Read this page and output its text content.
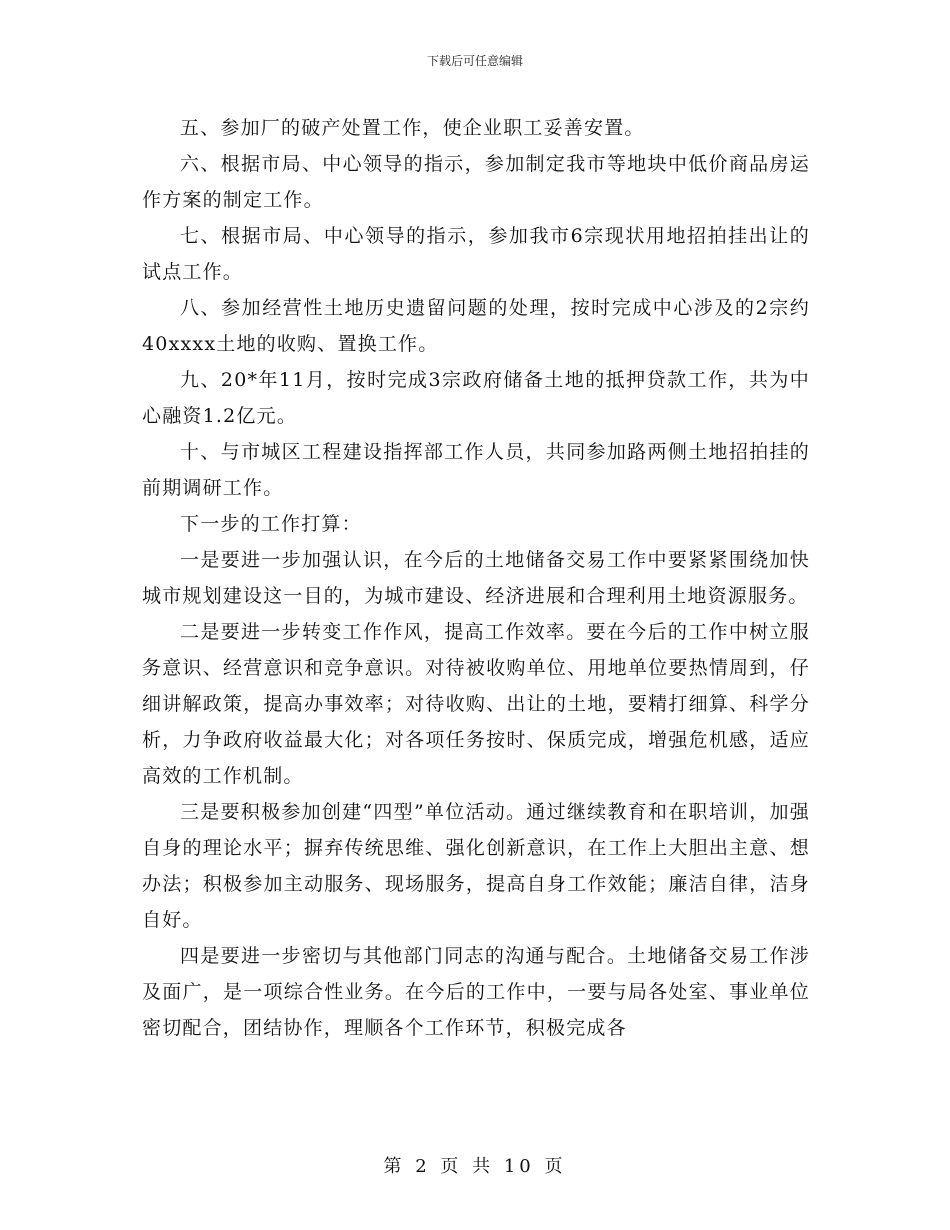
下载后可任意编辑

五、参加厂的破产处置工作，使企业职工妥善安置。

六、根据市局、中心领导的指示，参加制定我市等地块中低价商品房运作方案的制定工作。

七、根据市局、中心领导的指示，参加我市6宗现状用地招拍挂出让的试点工作。

八、参加经营性土地历史遗留问题的处理，按时完成中心涉及的2宗约40xxxx土地的收购、置换工作。

九、20*年11月，按时完成3宗政府储备土地的抵押贷款工作，共为中心融资1.2亿元。

十、与市城区工程建设指挥部工作人员，共同参加路两侧土地招拍挂的前期调研工作。

下一步的工作打算：

一是要进一步加强认识，在今后的土地储备交易工作中要紧紧围绕加快城市规划建设这一目的，为城市建设、经济进展和合理利用土地资源服务。

二是要进一步转变工作作风，提高工作效率。要在今后的工作中树立服务意识、经营意识和竞争意识。对待被收购单位、用地单位要热情周到，仔细讲解政策，提高办事效率；对待收购、出让的土地，要精打细算、科学分析，力争政府收益最大化；对各项任务按时、保质完成，增强危机感，适应高效的工作机制。

三是要积极参加创建“四型”单位活动。通过继续教育和在职培训，加强自身的理论水平；摒弃传统思维、强化创新意识，在工作上大胆出主意、想办法；积极参加主动服务、现场服务，提高自身工作效能；廉洁自律，洁身自好。

四是要进一步密切与其他部门同志的沟通与配合。土地储备交易工作涉及面广，是一项综合性业务。在今后的工作中，一要与局各处室、事业单位密切配合，团结协作，理顺各个工作环节，积极完成各

第 2 页 共 10 页
